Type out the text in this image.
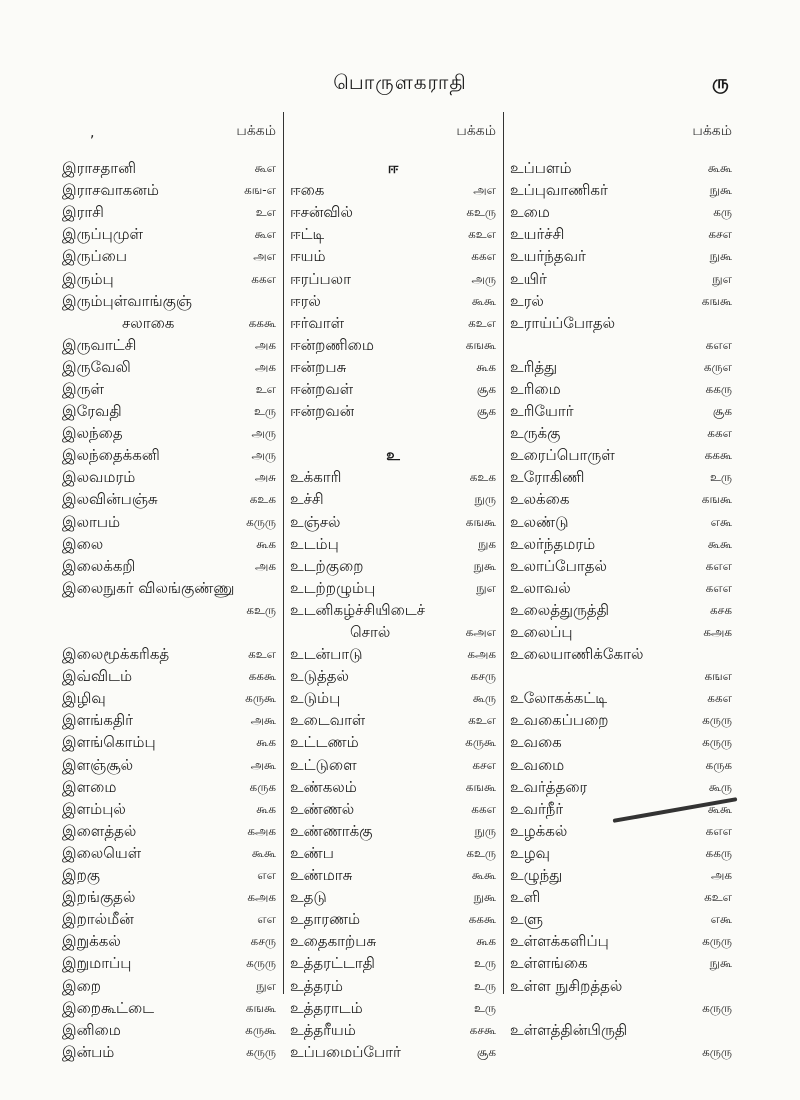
பொருளகராதி	ரு
,	பக்கம்
இராசதானி	கூஎ
இராசவாகனம்	கங-எ
இராசி	உஎ
இருப்புமுள்	கூஎ
இருப்பை	அஎ
இரும்பு	ககஎ
இரும்புள்வாங்குஞ்
சலாகை	கககூ
இருவாட்சி	அக
இருவேலி	அக
இருள்	உஎ
இரேவதி	உரு
இலந்தை	அரு
இலந்தைக்கனி	அரு
இலவமரம்	அசு
இலவின்பஞ்சு	கஉக
இலாபம்	கருரு
இலை	கூக
இலைக்கறி	அக
இலைநுகர் விலங்குண்ணு
கஉரு
இலைமூக்கரிகத்	கஉஎ
இவ்விடம்	கககூ
இழிவு	கருகூ
இளங்கதிர்	அகூ
இளங்கொம்பு	கூக
இளஞ்சூல்	அகூ
இளமை	கருக
இளம்புல்	கூக
இளைத்தல்	கஅக
இலையெள்	கூகூ
இறகு	எஎ
இறங்குதல்	கஅக
இறால்மீன்	எஎ
இறுக்கல்	கசரு
இறுமாப்பு	கருரு
இறை	நுஎ
இறைகூட்டை	கஙகூ
இனிமை	கருகூ
இன்பம்	கருரு
பக்கம்
ஈ
ஈகை	அஎ
ஈசன்வில்	கஉரு
ஈட்டி	கஉஎ
ஈயம்	ககஎ
ஈரப்பலா	அரு
ஈரல்	கூகூ
ஈர்வாள்	கஉஎ
ஈன்றணிமை	கஙகூ
ஈன்றபசு	கூக
ஈன்றவள்	சூக
ஈன்றவன்	சூக
உ
உக்காரி	கஉக
உச்சி	நுரு
உஞ்சல்	கஙகூ
உடம்பு	நுக
உடற்குறை	நுகூ
உடற்றழும்பு	நுஎ
உடனிகழ்ச்சியிடைச்
சொல்	கஅஎ
உடன்பாடு	கஅக
உடுத்தல்	கசரு
உடும்பு	கூரு
உடைவாள்	கஉஎ
உட்டணம்	கருகூ
உட்டுளை	கசஎ
உண்கலம்	கஙகூ
உண்ணல்	ககஎ
உண்ணாக்கு	நுரு
உண்ப	கஉரு
உண்மாசு	கூகூ
உதடு	நுகூ
உதாரணம்	கககூ
உதைகாற்பசு	கூக
உத்தரட்டாதி	உரு
உத்தரம்	உரு
உத்தராடம்	உரு
உத்தரீயம்	கசகூ
உப்பமைப்போர்	சூக
பக்கம்
உப்பளம்	கூகூ
உப்புவாணிகர்	நுகூ
உமை	கரு
உயர்ச்சி	கசஎ
உயர்ந்தவர்	நுகூ
உயிர்	நுஎ
உரல்	கஙகூ
உராய்ப்போதல்
கஎஎ
உரித்து	கருஎ
உரிமை	ககரு
உரியோர்	சூக
உருக்கு	ககஎ
உரைப்பொருள்	கககூ
உரோகிணி	உரு
உலக்கை	கஙகூ
உலண்டு	எகூ
உலர்ந்தமரம்	கூகூ
உலாப்போதல்	கஎஎ
உலாவல்	கஎஎ
உலைத்துருத்தி	கசக
உலைப்பு	கஅக
உலையாணிக்கோல்
கஙஎ
உலோகக்கட்டி	ககஎ
உவகைப்பறை	கருரு
உவகை	கருரு
உவமை	கருக
உவர்த்தரை	கூரு
உவர்நீர்	கூகூ
உழக்கல்	கஎஎ
உழவு	ககரு
உழுந்து	அக
உளி	கஉஎ
உளு	எகூ
உள்ளக்களிப்பு	கருரு
உள்ளங்கை	நுகூ
உள்ள நுசிறத்தல்
கருரு
உள்ளத்தின்பிருதி
கருரு
